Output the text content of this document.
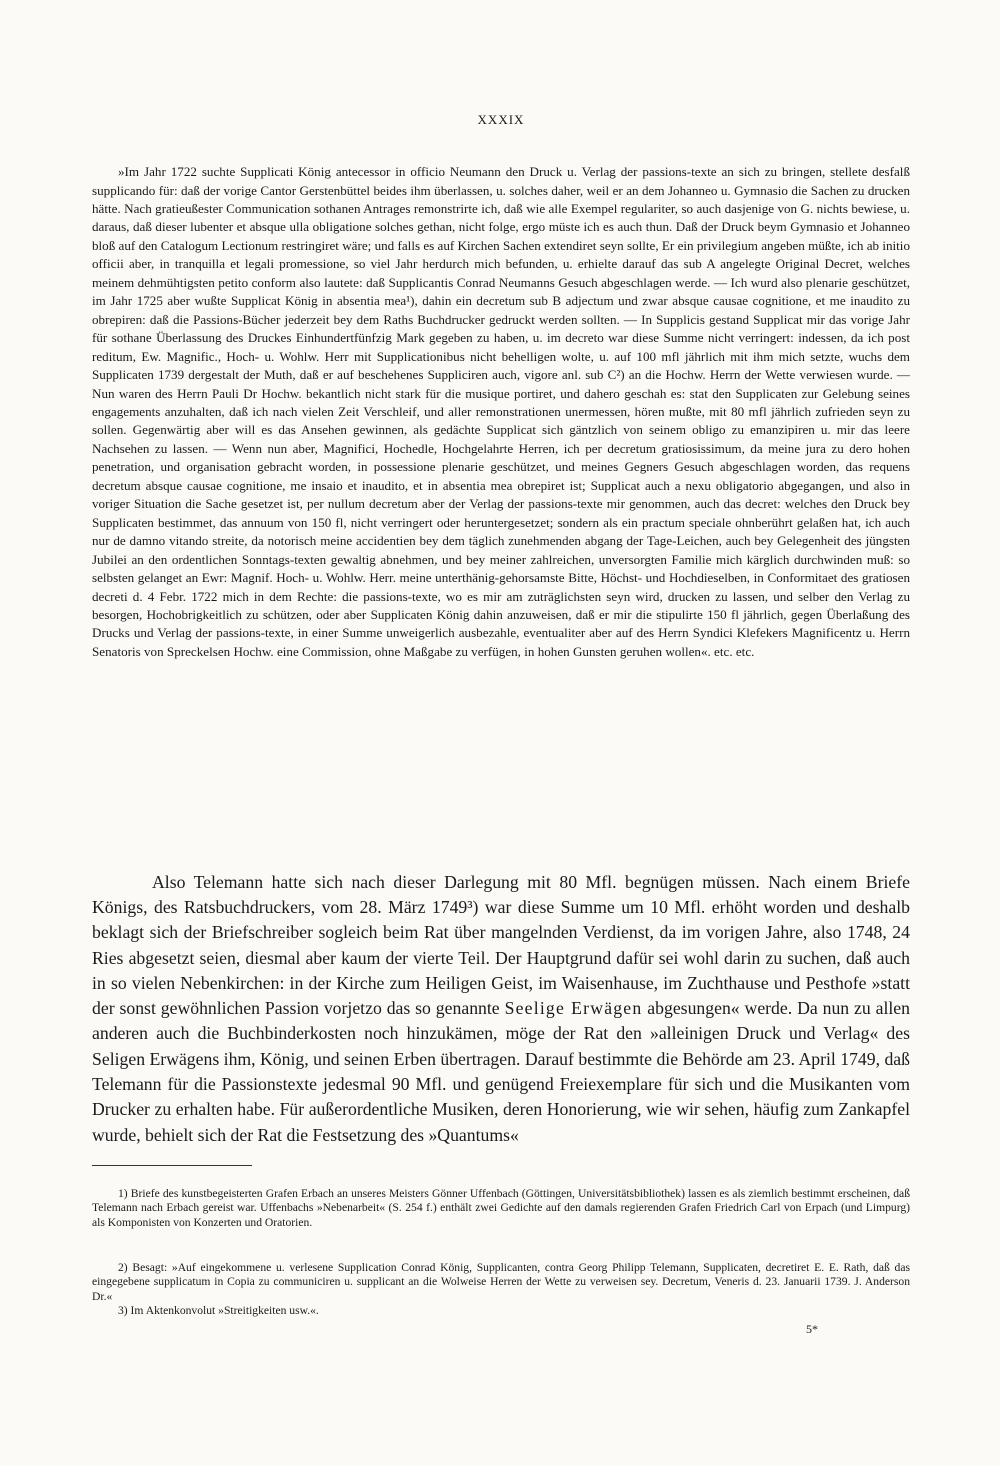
XXXIX

»Im Jahr 1722 suchte Supplicati König antecessor in officio Neumann den Druck u. Verlag der passions-texte an sich zu bringen, stellete desfalß supplicando für: daß der vorige Cantor Gerstenbüttel beides ihm überlassen, u. solches daher, weil er an dem Johanneo u. Gymnasio die Sachen zu drucken hätte. Nach gratieußester Communication sothanen Antrages remonstrirte ich, daß wie alle Exempel regulariter, so auch dasjenige von G. nichts bewiese, u. daraus, daß dieser lubenter et absque ulla obligatione solches gethan, nicht folge, ergo müste ich es auch thun. Daß der Druck beym Gymnasio et Johanneo bloß auf den Catalogum Lectionum restringiret wäre; und falls es auf Kirchen Sachen extendiret seyn sollte, Er ein privilegium angeben müßte, ich ab initio officii aber, in tranquilla et legali promessione, so viel Jahr herdurch mich befunden, u. erhielte darauf das sub A angelegte Original Decret, welches meinem dehmühtigsten petito conform also lautete: daß Supplicantis Conrad Neumanns Gesuch abgeschlagen werde. — Ich wurd also plenarie geschützet, im Jahr 1725 aber wußte Supplicat König in absentia mea¹), dahin ein decretum sub B adjectum und zwar absque causae cognitione, et me inaudito zu obrepiren: daß die Passions-Bücher jederzeit bey dem Raths Buchdrucker gedruckt werden sollten. — In Supplicis gestand Supplicat mir das vorige Jahr für sothane Überlassung des Druckes Einhundertfünfzig Mark gegeben zu haben, u. im decreto war diese Summe nicht verringert: indessen, da ich post reditum, Ew. Magnific., Hoch- u. Wohlw. Herr mit Supplicationibus nicht behelligen wolte, u. auf 100 mfl jährlich mit ihm mich setzte, wuchs dem Supplicaten 1739 dergestalt der Muth, daß er auf beschehenes Suppliciren auch, vigore anl. sub C²) an die Hochw. Herrn der Wette verwiesen wurde. — Nun waren des Herrn Pauli Dr Hochw. bekantlich nicht stark für die musique portiret, und dahero geschah es: stat den Supplicaten zur Gelebung seines engagements anzuhalten, daß ich nach vielen Zeit Verschleif, und aller remonstrationen unermessen, hören mußte, mit 80 mfl jährlich zufrieden seyn zu sollen. Gegenwärtig aber will es das Ansehen gewinnen, als gedächte Supplicat sich gäntzlich von seinem obligo zu emanzipiren u. mir das leere Nachsehen zu lassen. — Wenn nun aber, Magnifici, Hochedle, Hochgelahrte Herren, ich per decretum gratiosissimum, da meine jura zu dero hohen penetration, und organisation gebracht worden, in possessione plenarie geschützet, und meines Gegners Gesuch abgeschlagen worden, das requens decretum absque causae cognitione, me insaio et inaudito, et in absentia mea obrepiret ist; Supplicat auch a nexu obligatorio abgegangen, und also in voriger Situation die Sache gesetzet ist, per nullum decretum aber der Verlag der passions-texte mir genommen, auch das decret: welches den Druck bey Supplicaten bestimmet, das annuum von 150 fl, nicht verringert oder heruntergesetzet; sondern als ein practum speciale ohnberührt gelaßen hat, ich auch nur de damno vitando streite, da notorisch meine accidentien bey dem täglich zunehmenden abgang der Tage-Leichen, auch bey Gelegenheit des jüngsten Jubilei an den ordentlichen Sonntags-texten gewaltig abnehmen, und bey meiner zahlreichen, unversorgten Familie mich kärglich durchwinden muß: so selbsten gelanget an Ewr: Magnif. Hoch- u. Wohlw. Herr. meine unterthänig-gehorsamste Bitte, Höchst- und Hochdieselben, in Conformitaet des gratiosen decreti d. 4 Febr. 1722 mich in dem Rechte: die passions-texte, wo es mir am zuträglichsten seyn wird, drucken zu lassen, und selber den Verlag zu besorgen, Hochobrigkeitlich zu schützen, oder aber Supplicaten König dahin anzuweisen, daß er mir die stipulirte 150 fl jährlich, gegen Überlaßung des Drucks und Verlag der passions-texte, in einer Summe unweigerlich ausbezahle, eventualiter aber auf des Herrn Syndici Klefekers Magnificentz u. Herrn Senatoris von Spreckelsen Hochw. eine Commission, ohne Maßgabe zu verfügen, in hohen Gunsten geruhen wollen«. etc. etc.

Also Telemann hatte sich nach dieser Darlegung mit 80 Mfl. begnügen müssen. Nach einem Briefe Königs, des Ratsbuchdruckers, vom 28. März 1749³) war diese Summe um 10 Mfl. erhöht worden und deshalb beklagt sich der Briefschreiber sogleich beim Rat über mangelnden Verdienst, da im vorigen Jahre, also 1748, 24 Ries abgesetzt seien, diesmal aber kaum der vierte Teil. Der Hauptgrund dafür sei wohl darin zu suchen, daß auch in so vielen Nebenkirchen: in der Kirche zum Heiligen Geist, im Waisenhause, im Zuchthause und Pesthofe »statt der sonst gewöhnlichen Passion vorjetzo das so genannte Seelige Erwägen abgesungen« werde. Da nun zu allen anderen auch die Buchbinderkosten noch hinzukämen, möge der Rat den »alleinigen Druck und Verlag« des Seligen Erwägens ihm, König, und seinen Erben übertragen. Darauf bestimmte die Behörde am 23. April 1749, daß Telemann für die Passionstexte jedesmal 90 Mfl. und genügend Freiexemplare für sich und die Musikanten vom Drucker zu erhalten habe. Für außerordentliche Musiken, deren Honorierung, wie wir sehen, häufig zum Zankapfel wurde, behielt sich der Rat die Festsetzung des »Quantums«

1) Briefe des kunstbegeisterten Grafen Erbach an unseres Meisters Gönner Uffenbach (Göttingen, Universitätsbibliothek) lassen es als ziemlich bestimmt erscheinen, daß Telemann nach Erbach gereist war. Uffenbachs »Nebenarbeit« (S. 254 f.) enthält zwei Gedichte auf den damals regierenden Grafen Friedrich Carl von Erpach (und Limpurg) als Komponisten von Konzerten und Oratorien.

2) Besagt: »Auf eingekommene u. verlesene Supplication Conrad König, Supplicanten, contra Georg Philipp Telemann, Supplicaten, decretiret E. E. Rath, daß das eingegebene supplicatum in Copia zu communiciren u. supplicant an die Wolweise Herren der Wette zu verweisen sey. Decretum, Veneris d. 23. Januarii 1739. J. Anderson Dr.«

3) Im Aktenkonvolut »Streitigkeiten usw.«.

5*
